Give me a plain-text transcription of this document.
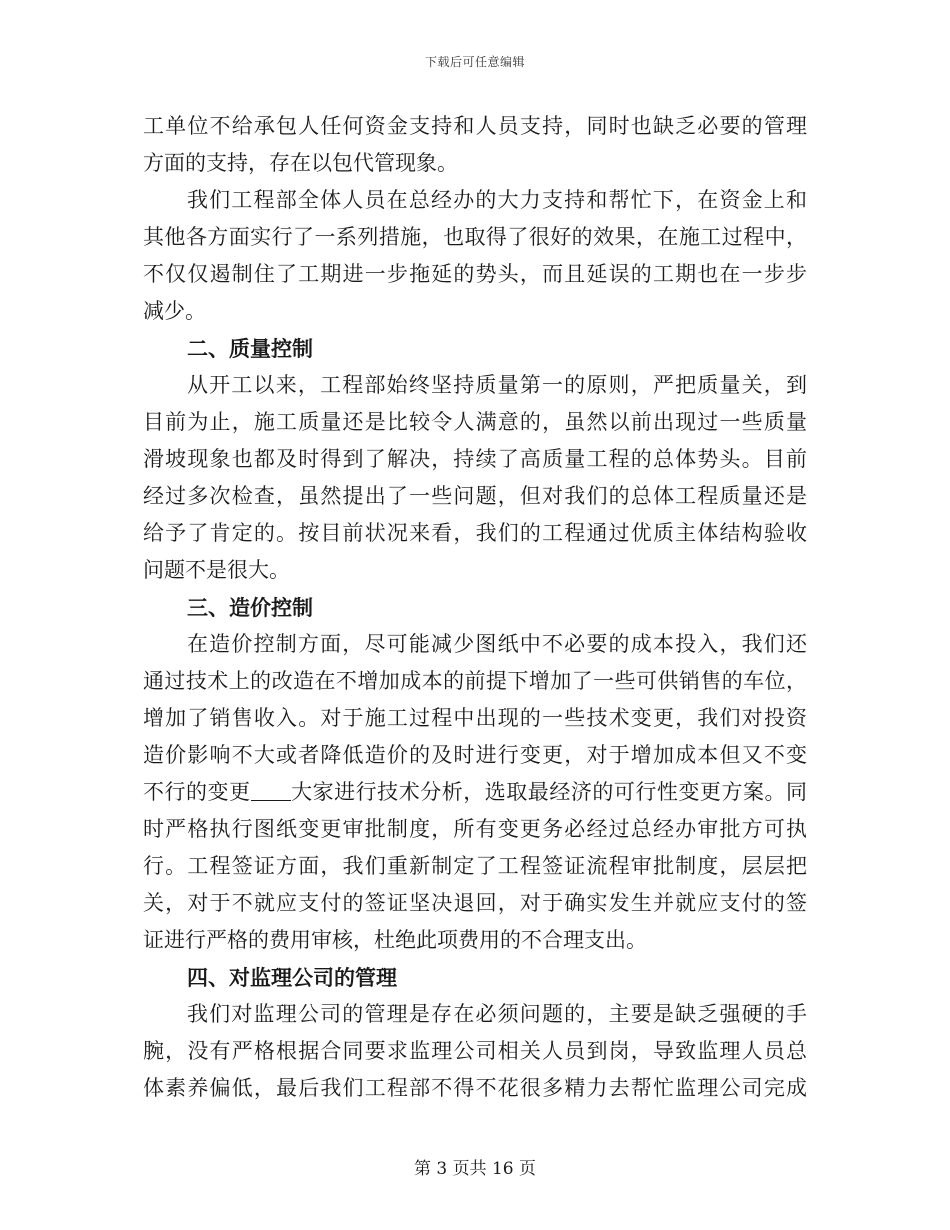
下载后可任意编辑
工单位不给承包人任何资金支持和人员支持，同时也缺乏必要的管理
方面的支持，存在以包代管现象。
我们工程部全体人员在总经办的大力支持和帮忙下，在资金上和
其他各方面实行了一系列措施，也取得了很好的效果，在施工过程中，
不仅仅遏制住了工期进一步拖延的势头，而且延误的工期也在一步步
减少。
二、质量控制
从开工以来，工程部始终坚持质量第一的原则，严把质量关，到
目前为止，施工质量还是比较令人满意的，虽然以前出现过一些质量
滑坡现象也都及时得到了解决，持续了高质量工程的总体势头。目前
经过多次检查，虽然提出了一些问题，但对我们的总体工程质量还是
给予了肯定的。按目前状况来看，我们的工程通过优质主体结构验收
问题不是很大。
三、造价控制
在造价控制方面，尽可能减少图纸中不必要的成本投入，我们还
通过技术上的改造在不增加成本的前提下增加了一些可供销售的车位，
增加了销售收入。对于施工过程中出现的一些技术变更，我们对投资
造价影响不大或者降低造价的及时进行变更，对于增加成本但又不变
不行的变更 大家进行技术分析，选取最经济的可行性变更方案。同
时严格执行图纸变更审批制度，所有变更务必经过总经办审批方可执
行。工程签证方面，我们重新制定了工程签证流程审批制度，层层把
关，对于不就应支付的签证坚决退回，对于确实发生并就应支付的签
证进行严格的费用审核，杜绝此项费用的不合理支出。
四、对监理公司的管理
我们对监理公司的管理是存在必须问题的，主要是缺乏强硬的手
腕，没有严格根据合同要求监理公司相关人员到岗，导致监理人员总
体素养偏低，最后我们工程部不得不花很多精力去帮忙监理公司完成
第 3 页共 16 页
